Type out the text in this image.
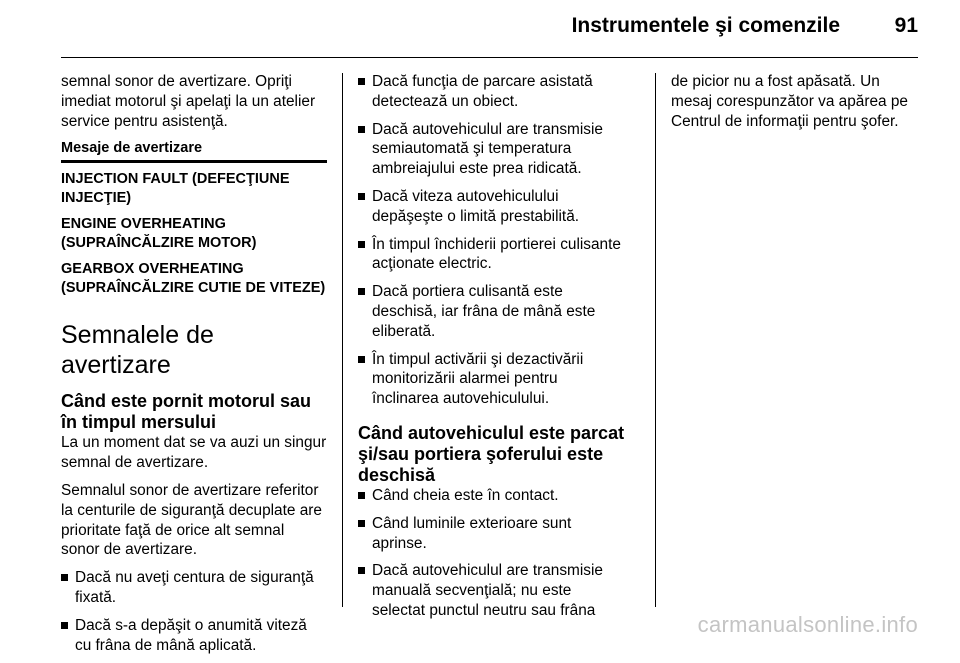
Instrumentele şi comenzile	91

semnal sonor de avertizare. Opriţi imediat motorul şi apelaţi la un atelier service pentru asistenţă.

Mesaje de avertizare
INJECTION FAULT (DEFECŢIUNE INJECŢIE)
ENGINE OVERHEATING (SUPRAÎNCĂLZIRE MOTOR)
GEARBOX OVERHEATING (SUPRAÎNCĂLZIRE CUTIE DE VITEZE)
Semnalele de avertizare
Când este pornit motorul sau în timpul mersului

La un moment dat se va auzi un singur semnal de avertizare.

Semnalul sonor de avertizare referitor la centurile de siguranţă decuplate are prioritate faţă de orice alt semnal sonor de avertizare.

Dacă nu aveţi centura de siguranţă fixată.
Dacă s-a depăşit o anumită viteză cu frâna de mână aplicată.
Dacă funcţia de parcare asistată detectează un obiect.
Dacă autovehiculul are transmisie semiautomată şi temperatura ambreiajului este prea ridicată.
Dacă viteza autovehiculului depăşeşte o limită prestabilită.
În timpul închiderii portierei culisante acţionate electric.
Dacă portiera culisantă este deschisă, iar frâna de mână este eliberată.
În timpul activării şi dezactivării monitorizării alarmei pentru înclinarea autovehiculului.
Când autovehiculul este parcat şi/sau portiera şoferului este deschisă
Când cheia este în contact.
Când luminile exterioare sunt aprinse.
Dacă autovehiculul are transmisie manuală secvenţială; nu este selectat punctul neutru sau frâna

de picior nu a fost apăsată. Un mesaj corespunzător va apărea pe Centrul de informaţii pentru şofer.

carmanualsonline.info
